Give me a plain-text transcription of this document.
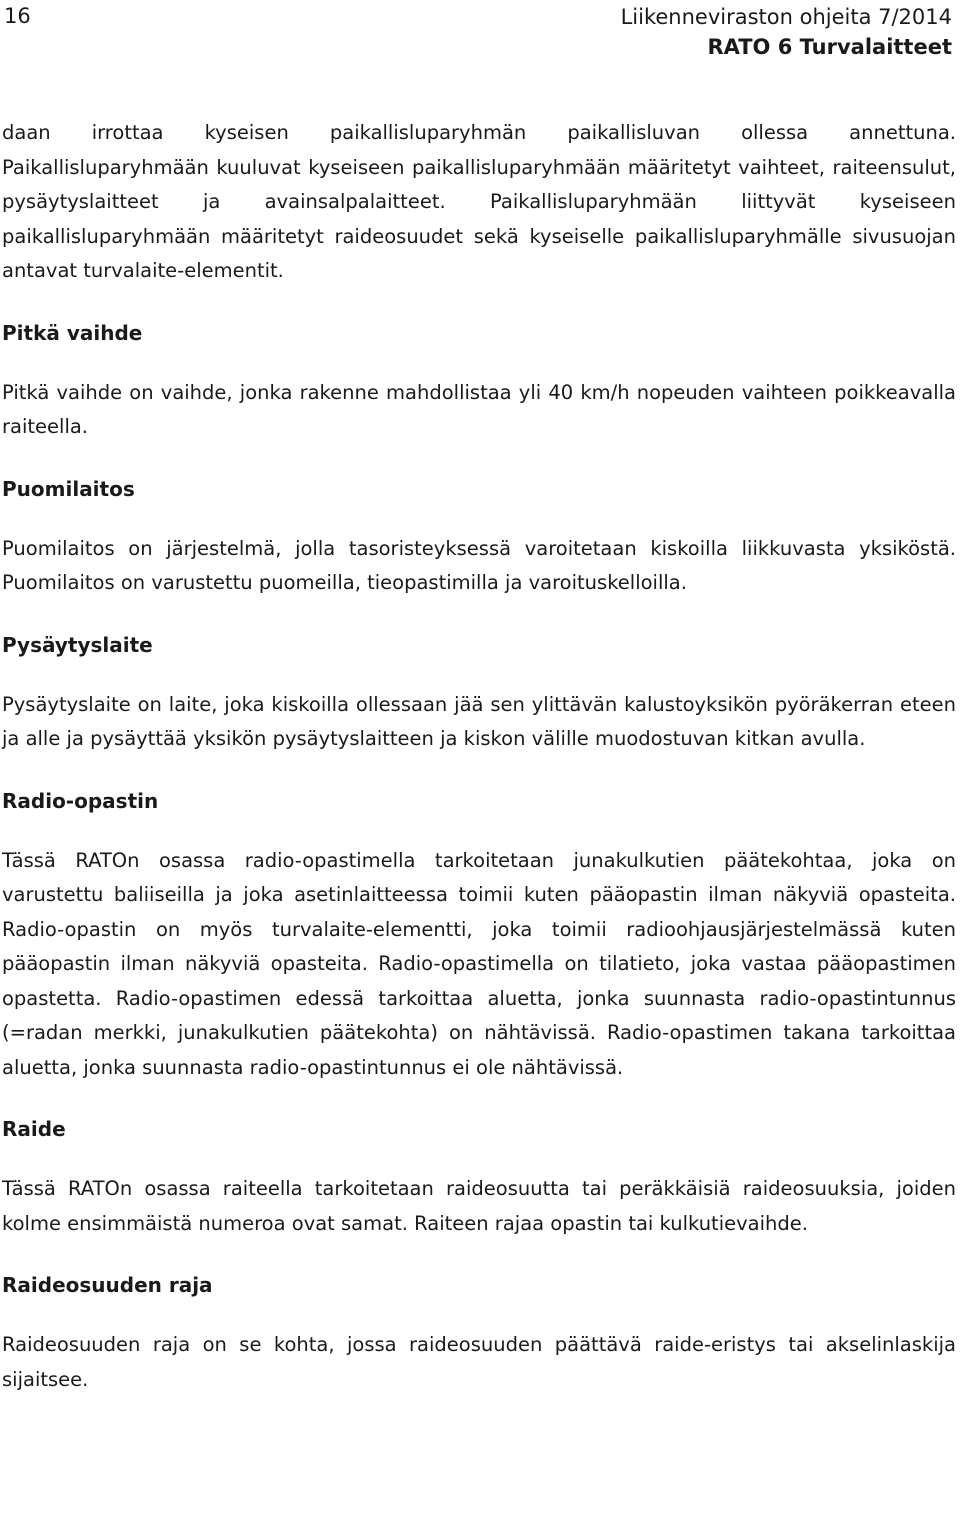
16	Liikenneviraston ohjeita 7/2014
RATO 6 Turvalaitteet

daan irrottaa kyseisen paikallisluparyhmän paikallisluvan ollessa annettuna. Paikallisluparyhmään kuuluvat kyseiseen paikallisluparyhmään määritetyt vaihteet, raiteensulut, pysäytyslaitteet ja avainsalpalaitteet. Paikallisluparyhmään liittyvät kyseiseen paikallisluparyhmään määritetyt raideosuudet sekä kyseiselle paikallisluparyhmälle sivusuojan antavat turvalaite-elementit.

Pitkä vaihde

Pitkä vaihde on vaihde, jonka rakenne mahdollistaa yli 40 km/h nopeuden vaihteen poikkeavalla raiteella.

Puomilaitos

Puomilaitos on järjestelmä, jolla tasoristeyksessä varoitetaan kiskoilla liikkuvasta yksiköstä. Puomilaitos on varustettu puomeilla, tieopastimilla ja varoituskelloilla.

Pysäytyslaite

Pysäytyslaite on laite, joka kiskoilla ollessaan jää sen ylittävän kalustoyksikön pyöräkerran eteen ja alle ja pysäyttää yksikön pysäytyslaitteen ja kiskon välille muodostuvan kitkan avulla.

Radio-opastin

Tässä RATOn osassa radio-opastimella tarkoitetaan junakulkutien päätekohtaa, joka on varustettu baliiseilla ja joka asetinlaitteessa toimii kuten pääopastin ilman näkyviä opasteita. Radio-opastin on myös turvalaite-elementti, joka toimii radioohjausjärjestelmässä kuten pääopastin ilman näkyviä opasteita. Radio-opastimella on tilatieto, joka vastaa pääopastimen opastetta. Radio-opastimen edessä tarkoittaa aluetta, jonka suunnasta radio-opastintunnus (=radan merkki, junakulkutien päätekohta) on nähtävissä. Radio-opastimen takana tarkoittaa aluetta, jonka suunnasta radio-opastintunnus ei ole nähtävissä.

Raide

Tässä RATOn osassa raiteella tarkoitetaan raideosuutta tai peräkkäisiä raideosuuksia, joiden kolme ensimmäistä numeroa ovat samat. Raiteen rajaa opastin tai kulkutievaihde.

Raideosuuden raja

Raideosuuden raja on se kohta, jossa raideosuuden päättävä raide-eristys tai akselinlaskija sijaitsee.
